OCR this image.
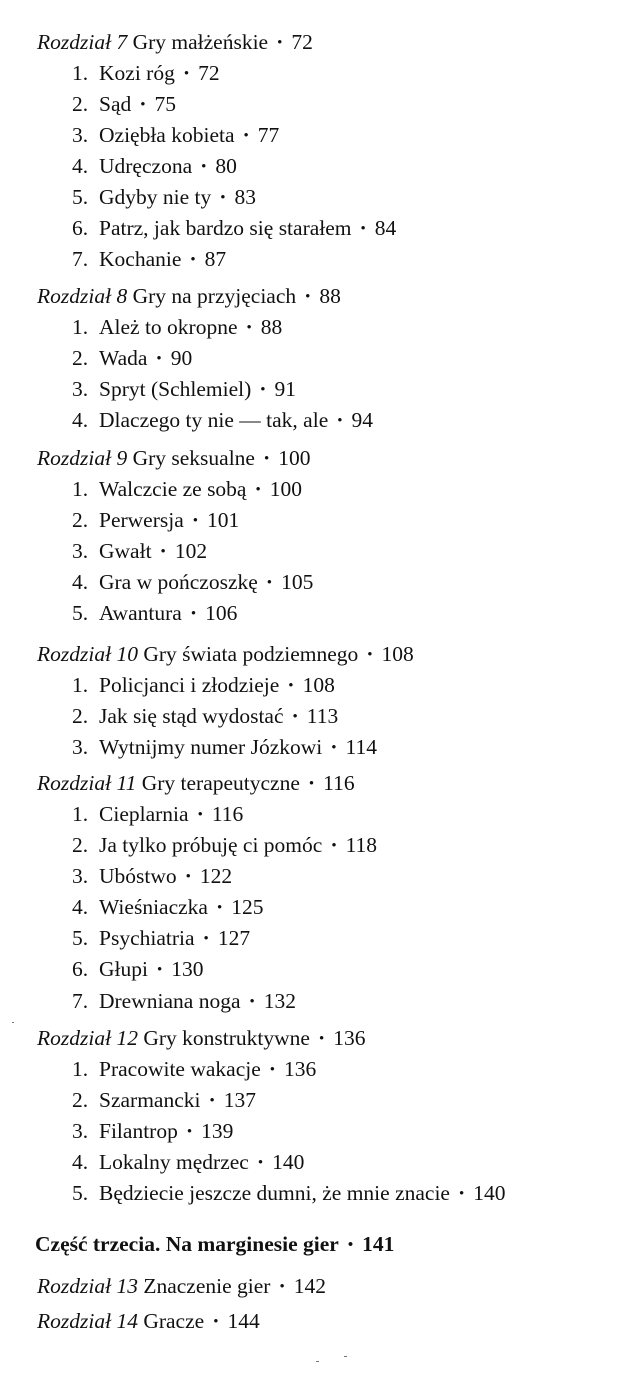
Rozdział 7 Gry małżeńskie • 72
1. Kozi róg • 72
2. Sąd • 75
3. Oziębła kobieta • 77
4. Udręczona • 80
5. Gdyby nie ty • 83
6. Patrz, jak bardzo się starałem • 84
7. Kochanie • 87
Rozdział 8 Gry na przyjęciach • 88
1. Ależ to okropne • 88
2. Wada • 90
3. Spryt (Schlemiel) • 91
4. Dlaczego ty nie — tak, ale • 94
Rozdział 9 Gry seksualne • 100
1. Walczcie ze sobą • 100
2. Perwersja • 101
3. Gwałt • 102
4. Gra w pończoszkę • 105
5. Awantura • 106
Rozdział 10 Gry świata podziemnego • 108
1. Policjanci i złodzieje • 108
2. Jak się stąd wydostać • 113
3. Wytnijmy numer Józkowi • 114
Rozdział 11 Gry terapeutyczne • 116
1. Cieplarnia • 116
2. Ja tylko próbuję ci pomóc • 118
3. Ubóstwo • 122
4. Wieśniaczka • 125
5. Psychiatria • 127
6. Głupi • 130
7. Drewniana noga • 132
Rozdział 12 Gry konstruktywne • 136
1. Pracowite wakacje • 136
2. Szarmancki • 137
3. Filantrop • 139
4. Lokalny mędrzec • 140
5. Będziecie jeszcze dumni, że mnie znacie • 140
Część trzecia. Na marginesie gier • 141
Rozdział 13 Znaczenie gier • 142
Rozdział 14 Gracze • 144
